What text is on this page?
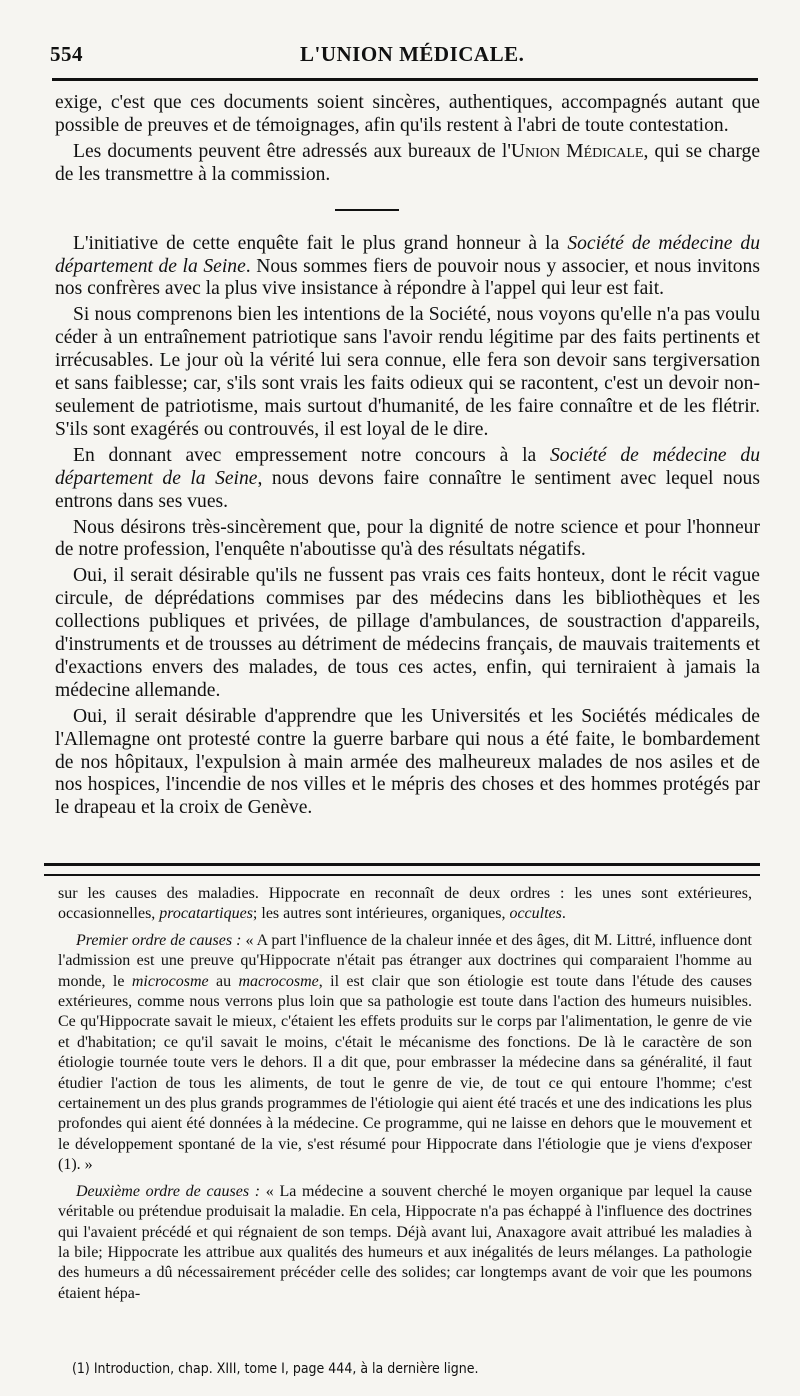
554	L'UNION MÉDICALE.

exige, c'est que ces documents soient sincères, authentiques, accompagnés autant que possible de preuves et de témoignages, afin qu'ils restent à l'abri de toute contestation.

Les documents peuvent être adressés aux bureaux de l'Union Médicale, qui se charge de les transmettre à la commission.

L'initiative de cette enquête fait le plus grand honneur à la Société de médecine du département de la Seine. Nous sommes fiers de pouvoir nous y associer, et nous invitons nos confrères avec la plus vive insistance à répondre à l'appel qui leur est fait.

Si nous comprenons bien les intentions de la Société, nous voyons qu'elle n'a pas voulu céder à un entraînement patriotique sans l'avoir rendu légitime par des faits pertinents et irrécusables. Le jour où la vérité lui sera connue, elle fera son devoir sans tergiversation et sans faiblesse; car, s'ils sont vrais les faits odieux qui se racontent, c'est un devoir non-seulement de patriotisme, mais surtout d'humanité, de les faire connaître et de les flétrir. S'ils sont exagérés ou controuvés, il est loyal de le dire.

En donnant avec empressement notre concours à la Société de médecine du département de la Seine, nous devons faire connaître le sentiment avec lequel nous entrons dans ses vues.

Nous désirons très-sincèrement que, pour la dignité de notre science et pour l'honneur de notre profession, l'enquête n'aboutisse qu'à des résultats négatifs.

Oui, il serait désirable qu'ils ne fussent pas vrais ces faits honteux, dont le récit vague circule, de déprédations commises par des médecins dans les bibliothèques et les collections publiques et privées, de pillage d'ambulances, de soustraction d'appareils, d'instruments et de trousses au détriment de médecins français, de mauvais traitements et d'exactions envers des malades, de tous ces actes, enfin, qui terniraient à jamais la médecine allemande.

Oui, il serait désirable d'apprendre que les Universités et les Sociétés médicales de l'Allemagne ont protesté contre la guerre barbare qui nous a été faite, le bombardement de nos hôpitaux, l'expulsion à main armée des malheureux malades de nos asiles et de nos hospices, l'incendie de nos villes et le mépris des choses et des hommes protégés par le drapeau et la croix de Genève.

sur les causes des maladies. Hippocrate en reconnaît de deux ordres : les unes sont extérieures, occasionnelles, procatartiques; les autres sont intérieures, organiques, occultes.

Premier ordre de causes : « A part l'influence de la chaleur innée et des âges, dit M. Littré, influence dont l'admission est une preuve qu'Hippocrate n'était pas étranger aux doctrines qui comparaient l'homme au monde, le microcosme au macrocosme, il est clair que son étiologie est toute dans l'étude des causes extérieures, comme nous verrons plus loin que sa pathologie est toute dans l'action des humeurs nuisibles. Ce qu'Hippocrate savait le mieux, c'étaient les effets produits sur le corps par l'alimentation, le genre de vie et d'habitation; ce qu'il savait le moins, c'était le mécanisme des fonctions. De là le caractère de son étiologie tournée toute vers le dehors. Il a dit que, pour embrasser la médecine dans sa généralité, il faut étudier l'action de tous les aliments, de tout le genre de vie, de tout ce qui entoure l'homme; c'est certainement un des plus grands programmes de l'étiologie qui aient été tracés et une des indications les plus profondes qui aient été données à la médecine. Ce programme, qui ne laisse en dehors que le mouvement et le développement spontané de la vie, s'est résumé pour Hippocrate dans l'étiologie que je viens d'exposer (1). »

Deuxième ordre de causes : « La médecine a souvent cherché le moyen organique par lequel la cause véritable ou prétendue produisait la maladie. En cela, Hippocrate n'a pas échappé à l'influence des doctrines qui l'avaient précédé et qui régnaient de son temps. Déjà avant lui, Anaxagore avait attribué les maladies à la bile; Hippocrate les attribue aux qualités des humeurs et aux inégalités de leurs mélanges. La pathologie des humeurs a dû nécessairement précéder celle des solides; car longtemps avant de voir que les poumons étaient hépa-

(1) Introduction, chap. XIII, tome I, page 444, à la dernière ligne.
